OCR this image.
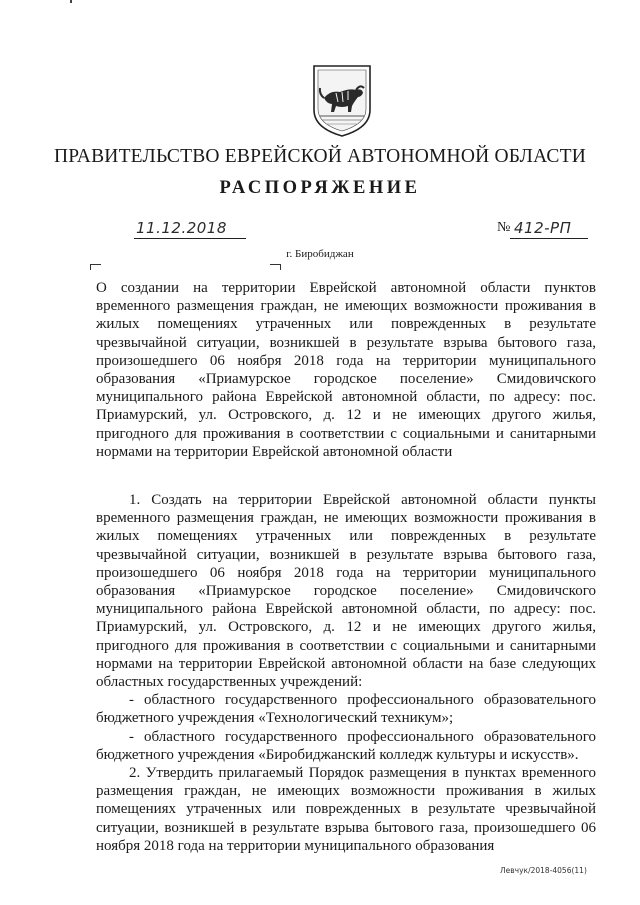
ПРАВИТЕЛЬСТВО ЕВРЕЙСКОЙ АВТОНОМНОЙ ОБЛАСТИ
РАСПОРЯЖЕНИЕ
11.12.2018	№ 412-РП
г. Биробиджан
О создании на территории Еврейской автономной области пунктов временного размещения граждан, не имеющих возможности проживания в жилых помещениях утраченных или поврежденных в результате чрезвычайной ситуации, возникшей в результате взрыва бытового газа, произошедшего 06 ноября 2018 года на территории муниципального образования «Приамурское городское поселение» Смидовичского муниципального района Еврейской автономной области, по адресу: пос. Приамурский, ул. Островского, д. 12 и не имеющих другого жилья, пригодного для проживания в соответствии с социальными и санитарными нормами на территории Еврейской автономной области

1. Создать на территории Еврейской автономной области пункты временного размещения граждан, не имеющих возможности проживания в жилых помещениях утраченных или поврежденных в результате чрезвычайной ситуации, возникшей в результате взрыва бытового газа, произошедшего 06 ноября 2018 года на территории муниципального образования «Приамурское городское поселение» Смидовичского муниципального района Еврейской автономной области, по адресу: пос. Приамурский, ул. Островского, д. 12 и не имеющих другого жилья, пригодного для проживания в соответствии с социальными и санитарными нормами на территории Еврейской автономной области на базе следующих областных государственных учреждений:

- областного государственного профессионального образовательного бюджетного учреждения «Технологический техникум»;

- областного государственного профессионального образовательного бюджетного учреждения «Биробиджанский колледж культуры и искусств».

2. Утвердить прилагаемый Порядок размещения в пунктах временного размещения граждан, не имеющих возможности проживания в жилых помещениях утраченных или поврежденных в результате чрезвычайной ситуации, возникшей в результате взрыва бытового газа, произошедшего 06 ноября 2018 года на территории муниципального образования

Левчук/2018-4056(11)
